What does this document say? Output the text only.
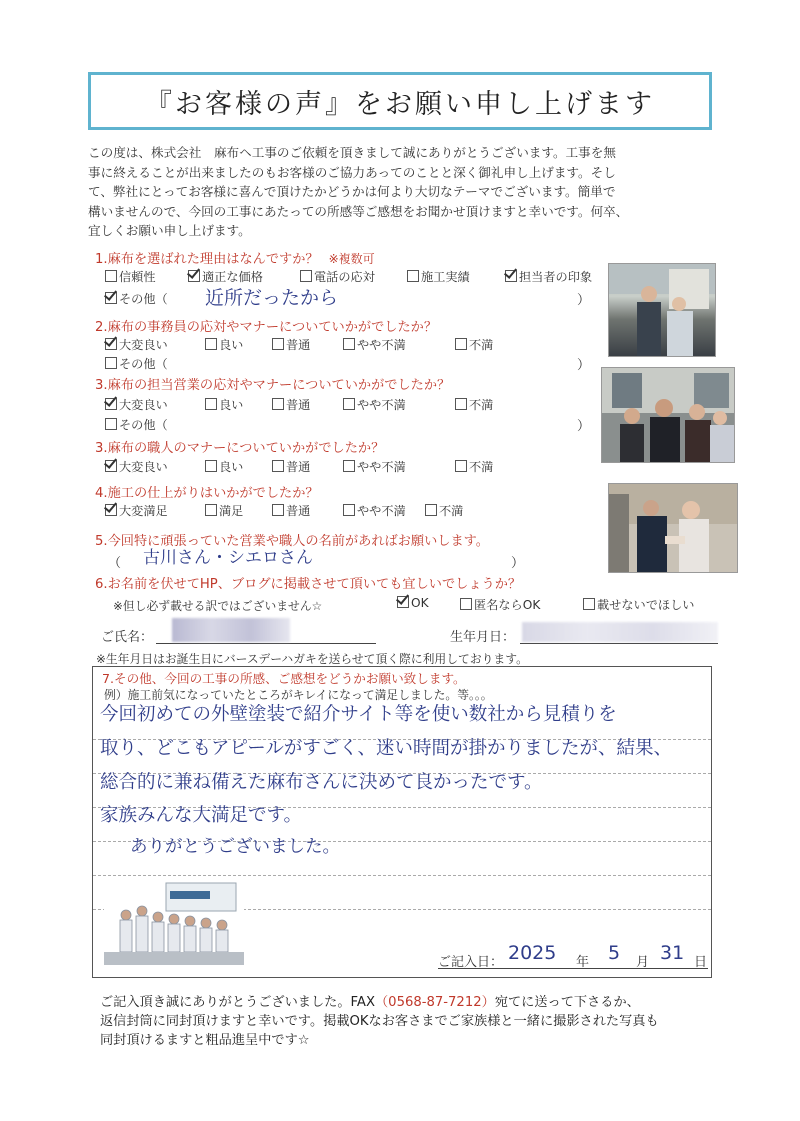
『お客様の声』をお願い申し上げます

この度は、株式会社　麻布ヘ工事のご依頼を頂きまして誠にありがとうございます。工事を無

事に終えることが出来ましたのもお客様のご協力あってのことと深く御礼申し上げます。そし

て、弊社にとってお客様に喜んで頂けたかどうかは何より大切なテーマでございます。簡単で

構いませんので、今回の工事にあたっての所感等ご感想をお聞かせ頂けますと幸いです。何卒、

宜しくお願い申し上げます。

1.麻布を選ばれた理由はなんですか？ ※複数可
信頼性	適正な価格	電話の応対	施工実績	担当者の印象
その他（ 近所だったから	）
2.麻布の事務員の応対やマナーについていかがでしたか？
大変良い	良い	普通	やや不満	不満
その他（	）
3.麻布の担当営業の応対やマナーについていかがでしたか？
大変良い	良い	普通	やや不満	不満
その他（	）
3.麻布の職人のマナーについていかがでしたか？
大変良い	良い	普通	やや不満	不満
4.施工の仕上がりはいかがでしたか？
大変満足	満足	普通	やや不満	不満
5.今回特に頑張っていた営業や職人の名前があればお願いします。
（ 古川さん・シエロさん	）
6.お名前を伏せてHP、ブログに掲載させて頂いても宜しいでしょうか？
※但し必ず載せる訳ではございません☆	OK	匿名ならOK	載せないでほしい
ご氏名：	生年月日：
※生年月日はお誕生日にバースデーハガキを送らせて頂く際に利用しております。
7.その他、今回の工事の所感、ご感想をどうかお願い致します。
例）施工前気になっていたところがキレイになって満足しました。等。。。
今回初めての外壁塗装で紹介サイト等を使い数社から見積りを
取り、どこもアピールがすごく、迷い時間が掛かりましたが、結果、
総合的に兼ね備えた麻布さんに決めて良かったです。
家族みんな大満足です。
ありがとうございました。
ご記入日： 2025 年 5 月 31 日

ご記入頂き誠にありがとうございました。FAX（0568-87-7212）宛てに送って下さるか、

返信封筒に同封頂けますと幸いです。掲載OKなお客さまでご家族様と一緒に撮影された写真も

同封頂けるますと粗品進呈中です☆
